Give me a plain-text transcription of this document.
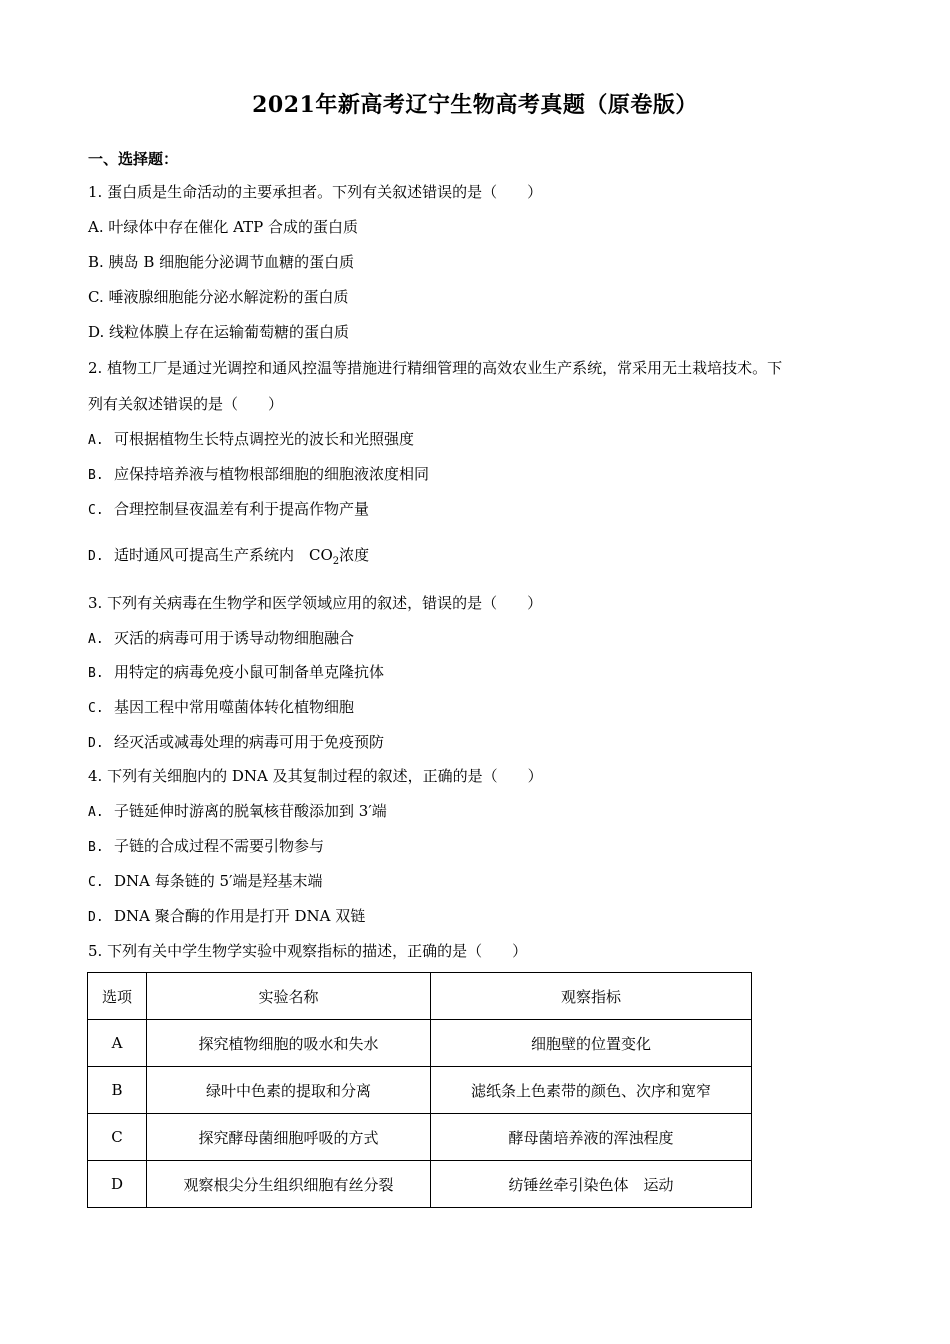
2021年新高考辽宁生物高考真题（原卷版）
一、选择题：
1. 蛋白质是生命活动的主要承担者。下列有关叙述错误的是（　　）
A. 叶绿体中存在催化 ATP 合成的蛋白质
B. 胰岛 B 细胞能分泌调节血糖的蛋白质
C. 唾液腺细胞能分泌水解淀粉的蛋白质
D. 线粒体膜上存在运输葡萄糖的蛋白质
2. 植物工厂是通过光调控和通风控温等措施进行精细管理的高效农业生产系统，常采用无土栽培技术。下
列有关叙述错误的是（　　）
A. 可根据植物生长特点调控光的波长和光照强度
B. 应保持培养液与植物根部细胞的细胞液浓度相同
C. 合理控制昼夜温差有利于提高作物产量
D. 适时通风可提高生产系统内　$CO_2$浓度
3. 下列有关病毒在生物学和医学领域应用的叙述，错误的是（　　）
A. 灭活的病毒可用于诱导动物细胞融合
B. 用特定的病毒免疫小鼠可制备单克隆抗体
C. 基因工程中常用噬菌体转化植物细胞
D. 经灭活或减毒处理的病毒可用于免疫预防
4. 下列有关细胞内的 DNA 及其复制过程的叙述，正确的是（　　）
A. 子链延伸时游离的脱氧核苷酸添加到 3′端
B. 子链的合成过程不需要引物参与
C. DNA 每条链的 5′端是羟基末端
D. DNA 聚合酶的作用是打开 DNA 双链
5. 下列有关中学生物学实验中观察指标的描述，正确的是（　　）
选项	实验名称	观察指标
A	探究植物细胞的吸水和失水	细胞壁的位置变化
B	绿叶中色素的提取和分离	滤纸条上色素带的颜色、次序和宽窄
C	探究酵母菌细胞呼吸的方式	酵母菌培养液的浑浊程度
D	观察根尖分生组织细胞有丝分裂	纺锤丝牵引染色体　运动
